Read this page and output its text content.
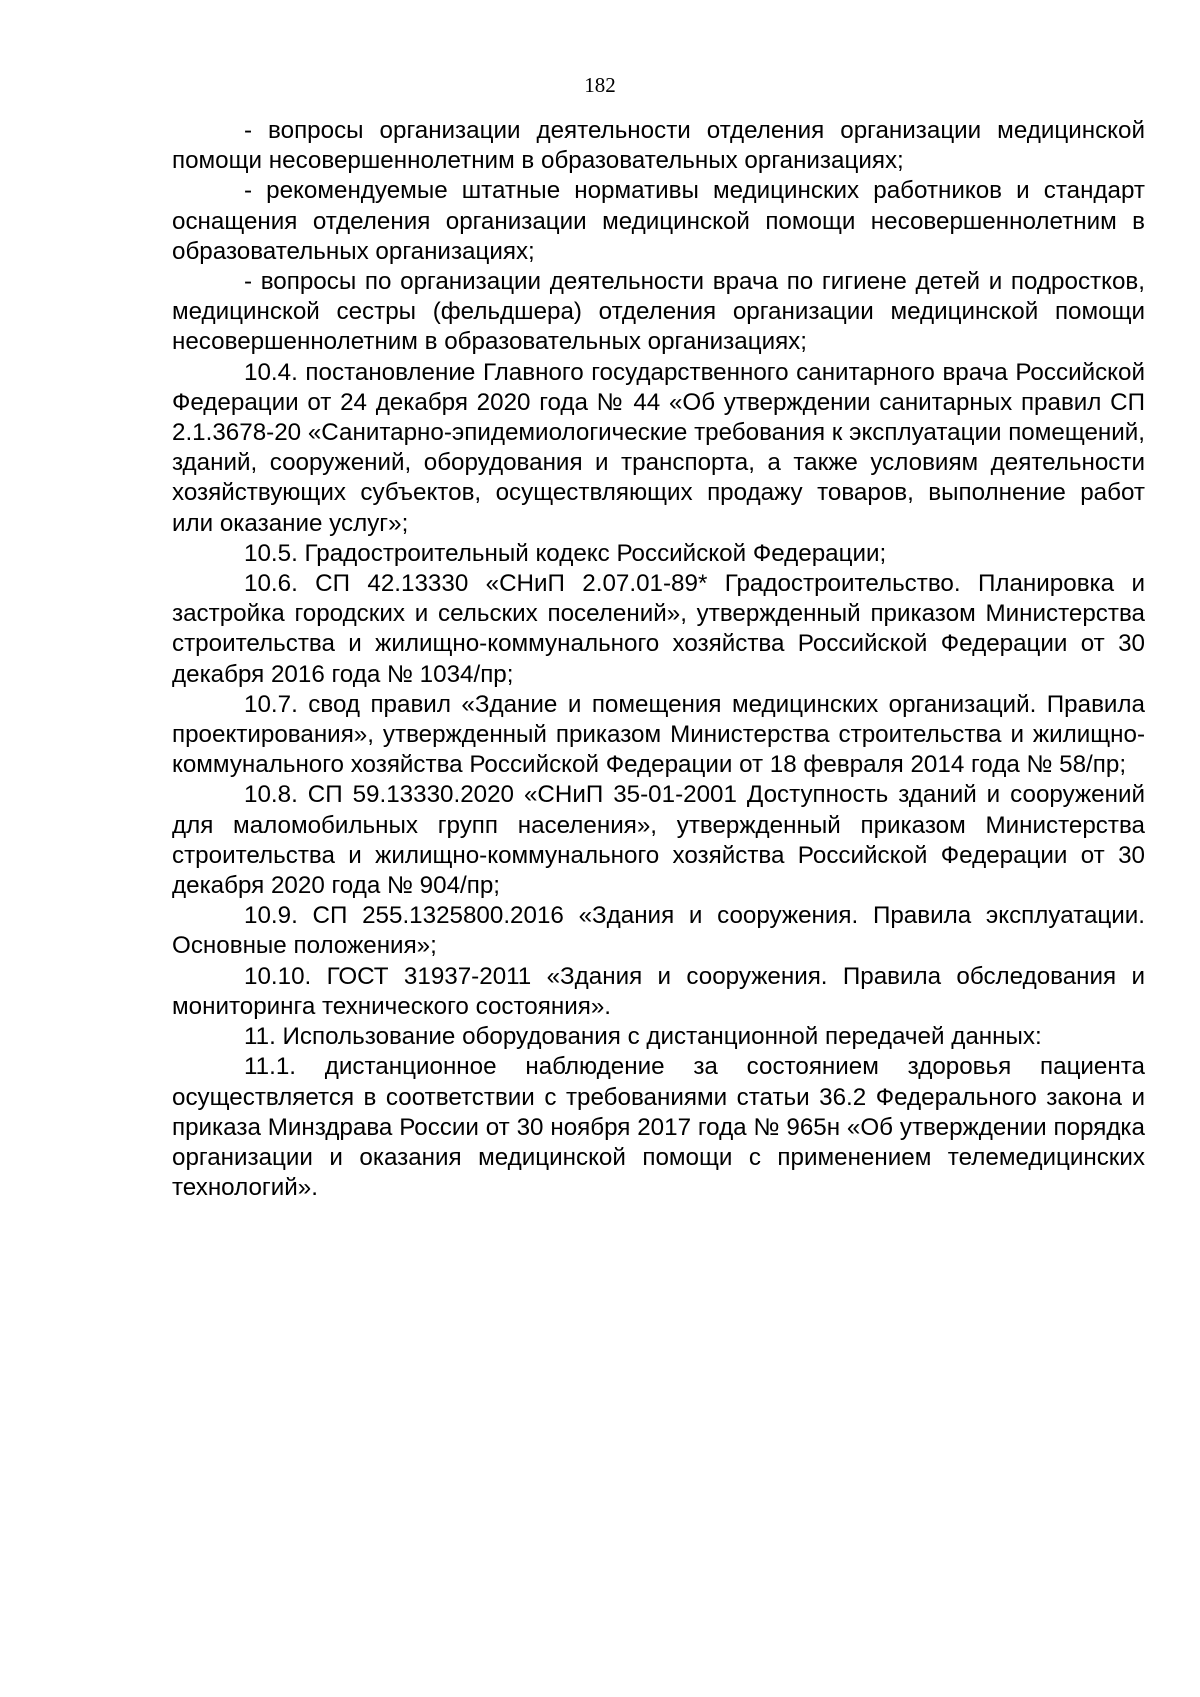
182

- вопросы организации деятельности отделения организации медицинской помощи несовершеннолетним в образовательных организациях;

- рекомендуемые штатные нормативы медицинских работников и стандарт оснащения отделения организации медицинской помощи несовершеннолетним в образовательных организациях;

- вопросы по организации деятельности врача по гигиене детей и подростков, медицинской сестры (фельдшера) отделения организации медицинской помощи несовершеннолетним в образовательных организациях;

10.4. постановление Главного государственного санитарного врача Российской Федерации от 24 декабря 2020 года № 44 «Об утверждении санитарных правил СП 2.1.3678-20 «Санитарно-эпидемиологические требования к эксплуатации помещений, зданий, сооружений, оборудования и транспорта, а также условиям деятельности хозяйствующих субъектов, осуществляющих продажу товаров, выполнение работ или оказание услуг»;

10.5. Градостроительный кодекс Российской Федерации;

10.6. СП 42.13330 «СНиП 2.07.01-89* Градостроительство. Планировка и застройка городских и сельских поселений», утвержденный приказом Министерства строительства и жилищно-коммунального хозяйства Российской Федерации от 30 декабря 2016 года № 1034/пр;

10.7. свод правил «Здание и помещения медицинских организаций. Правила проектирования», утвержденный приказом Министерства строительства и жилищно-коммунального хозяйства Российской Федерации от 18 февраля 2014 года № 58/пр;

10.8. СП 59.13330.2020 «СНиП 35-01-2001 Доступность зданий и сооружений для маломобильных групп населения», утвержденный приказом Министерства строительства и жилищно-коммунального хозяйства Российской Федерации от 30 декабря 2020 года № 904/пр;

10.9. СП 255.1325800.2016 «Здания и сооружения. Правила эксплуатации. Основные положения»;

10.10. ГОСТ 31937-2011 «Здания и сооружения. Правила обследования и мониторинга технического состояния».

11. Использование оборудования с дистанционной передачей данных:

11.1. дистанционное наблюдение за состоянием здоровья пациента осуществляется в соответствии с требованиями статьи 36.2 Федерального закона и приказа Минздрава России от 30 ноября 2017 года № 965н «Об утверждении порядка организации и оказания медицинской помощи с применением телемедицинских технологий».
